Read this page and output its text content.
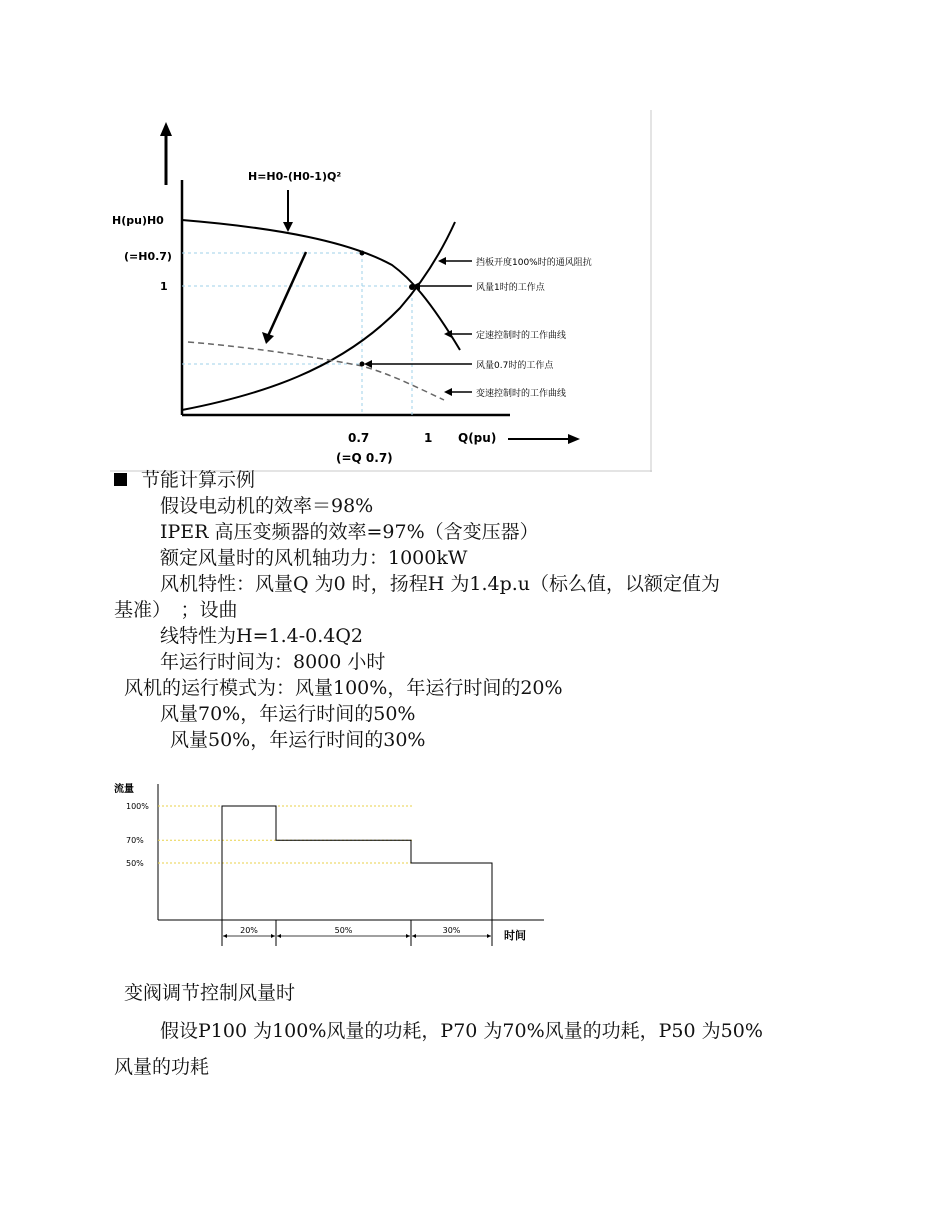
H=H0-(H0-1)Q²
H(pu)H0
(=H0.7)
1
0.7	1 Q(pu)
(=Q 0.7)
挡板开度100%时的通风阻抗
风量1时的工作点
定速控制时的工作曲线
风量0.7时的工作点
变速控制时的工作曲线
节能计算示例
假设电动机的效率＝98%
IPER 高压变频器的效率=97%（含变压器）
额定风量时的风机轴功力：1000kW
风机特性：风量Q 为0 时，扬程H 为1.4p.u（标么值，以额定值为
基准）　；设曲
线特性为H=1.4-0.4Q2
年运行时间为：8000 小时
风机的运行模式为：风量100%，年运行时间的20%
风量70%，年运行时间的50%
风量50%，年运行时间的30%
100%
70%
50%
20%	50%	30%
流量
时间
变阀调节控制风量时
假设P100 为100%风量的功耗，P70 为70%风量的功耗，P50 为50%
风量的功耗
